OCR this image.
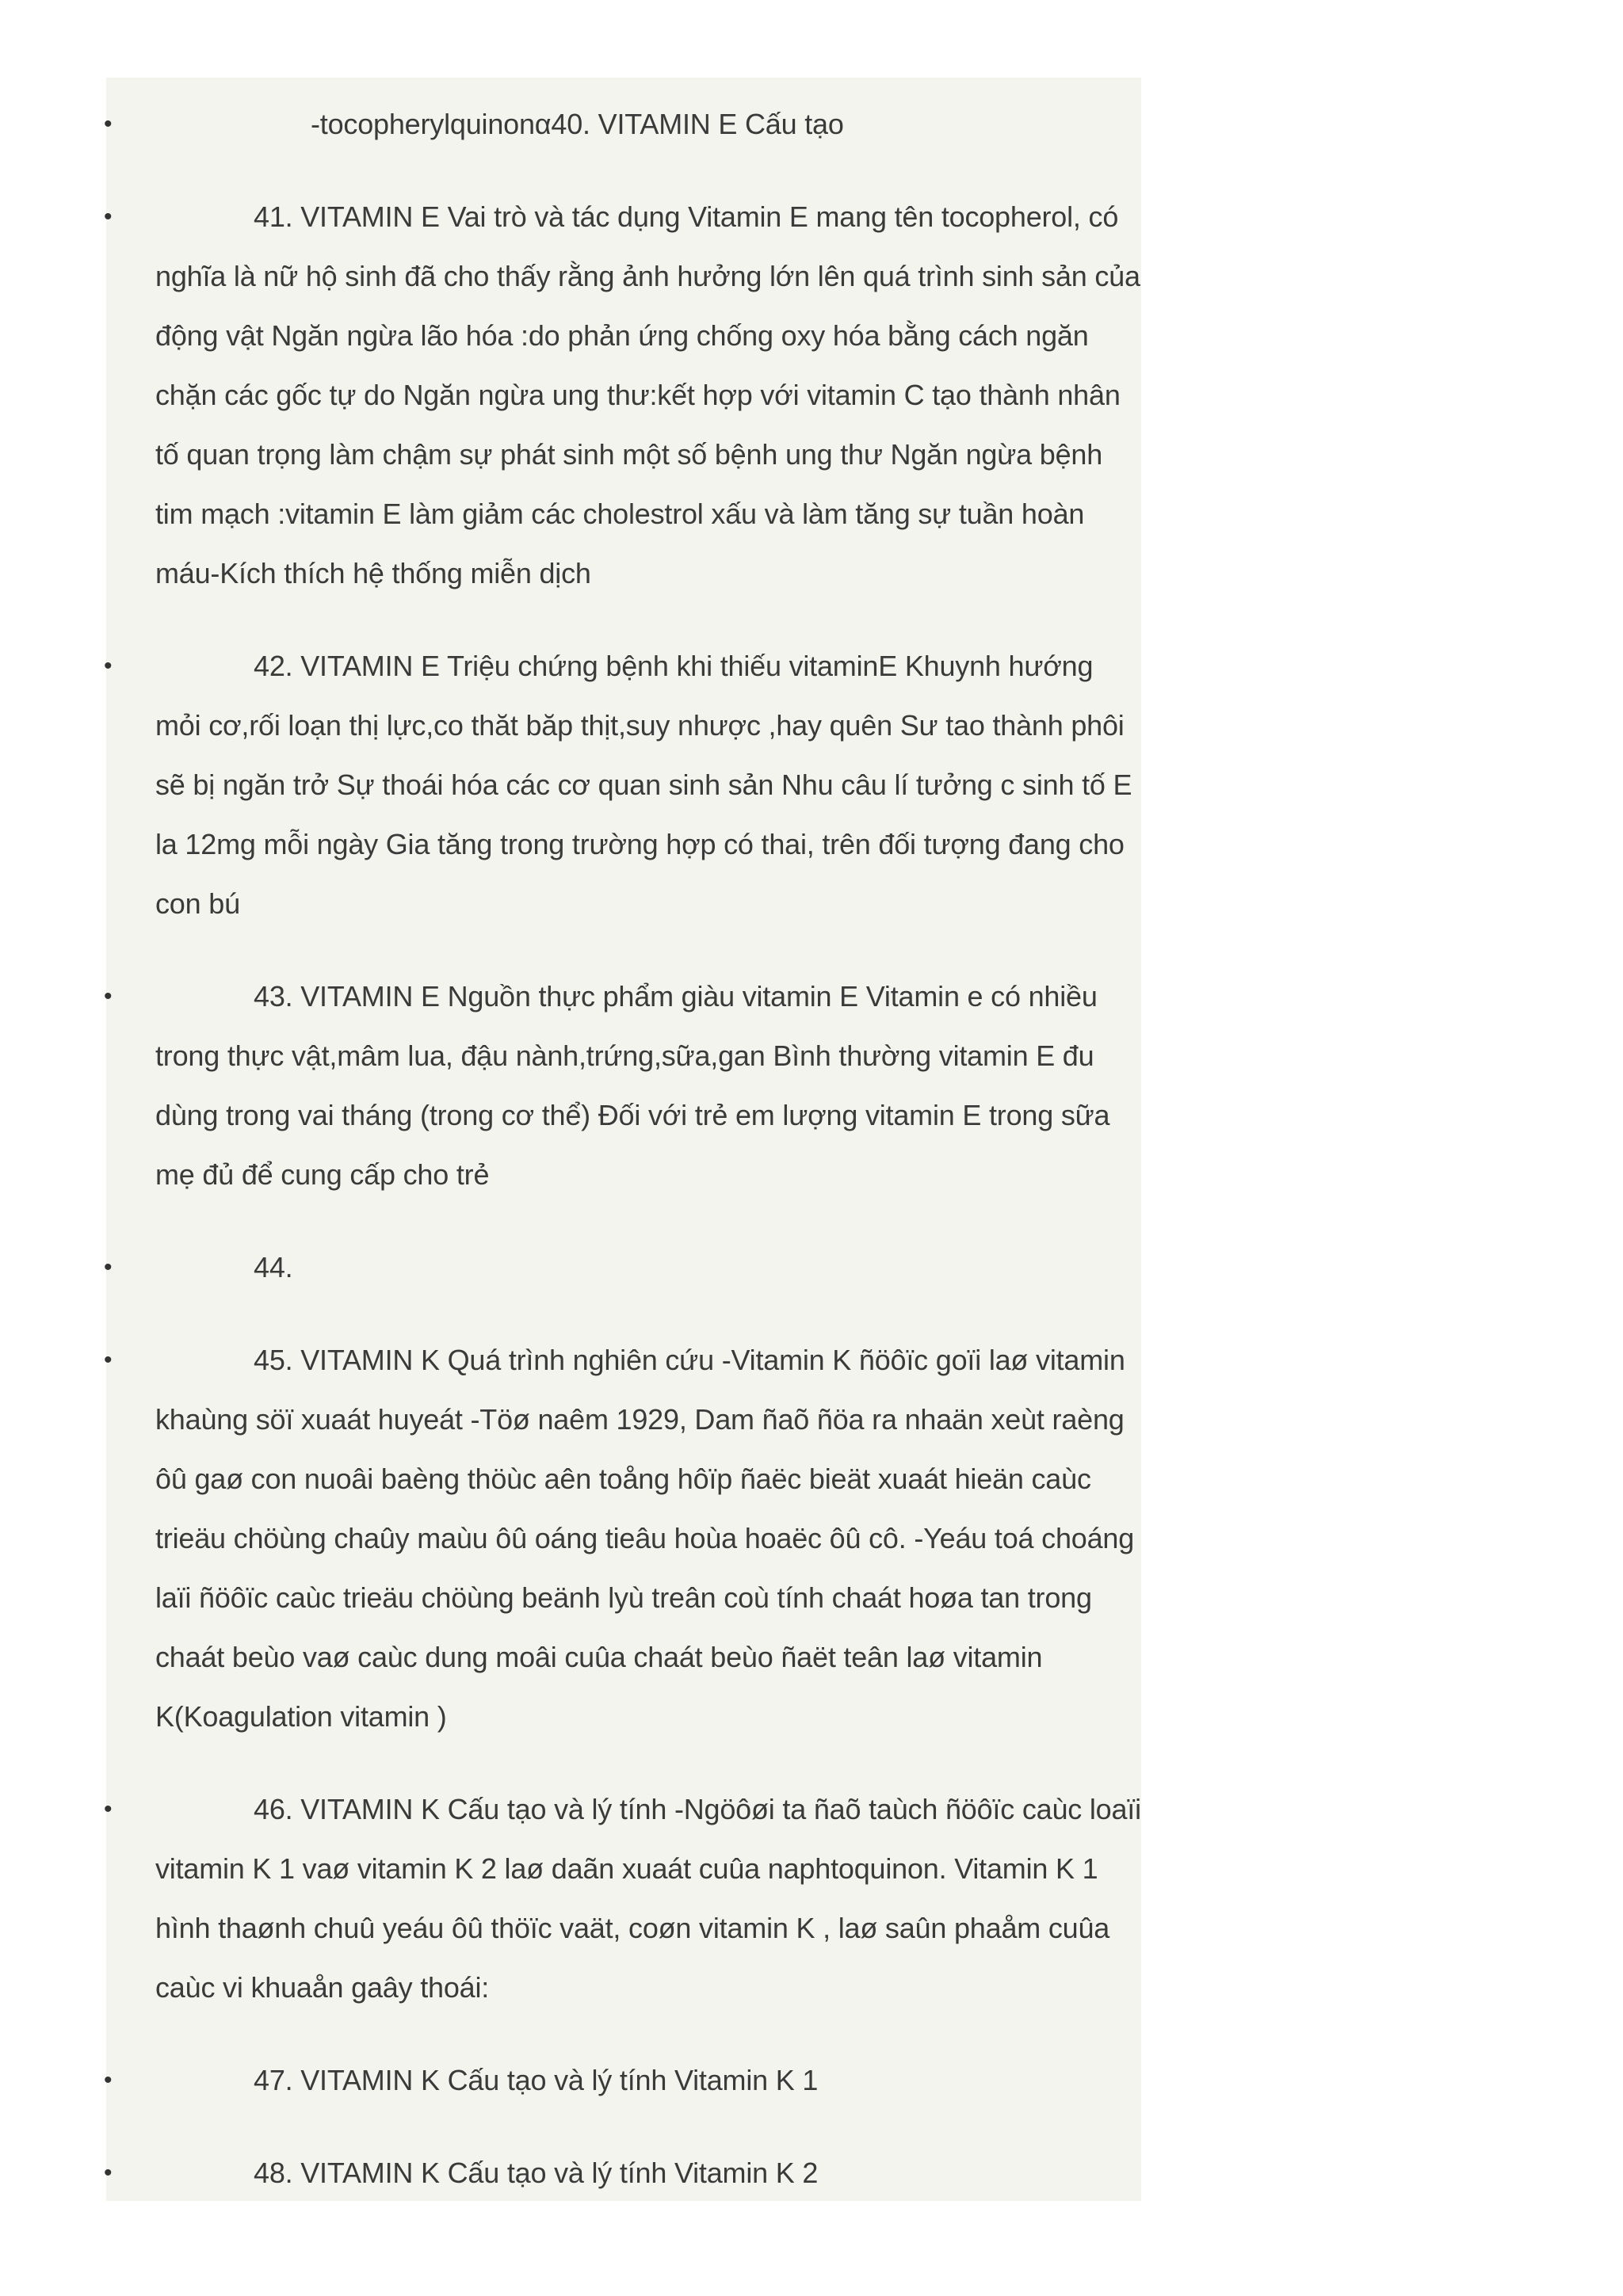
•	-tocopherylquinonα40. VITAMIN E Cấu tạo
•	41. VITAMIN E Vai trò và tác dụng Vitamin E mang tên tocopherol, có nghĩa là nữ hộ sinh đã cho thấy rằng ảnh hưởng lớn lên quá trình sinh sản của động vật Ngăn ngừa lão hóa :do phản ứng chống oxy hóa bằng cách ngăn chặn các gốc tự do Ngăn ngừa ung thư:kết hợp với vitamin C tạo thành nhân tố quan trọng làm chậm sự phát sinh một số bệnh ung thư Ngăn ngừa bệnh tim mạch :vitamin E làm giảm các cholestrol xấu và làm tăng sự tuần hoàn máu-Kích thích hệ thống miễn dịch
•	42. VITAMIN E Triệu chứng bệnh khi thiếu vitaminE Khuynh hướng mỏi cơ,rối loạn thị lực,co thăt băp thịt,suy nhược ,hay quên Sư tao thành phôi sẽ bị ngăn trở Sự thoái hóa các cơ quan sinh sản Nhu câu lí tưởng c sinh tố E la 12mg mỗi ngày Gia tăng trong trường hợp có thai, trên đối tượng đang cho con bú
•	43. VITAMIN E Nguồn thực phẩm giàu vitamin E Vitamin e có nhiều trong thực vật,mâm lua, đậu nành,trứng,sữa,gan Bình thường vitamin E đu dùng trong vai tháng (trong cơ thể) Đối với trẻ em lượng vitamin E trong sữa mẹ đủ để cung cấp cho trẻ
•	44.
•	45. VITAMIN K Quá trình nghiên cứu -Vitamin K ñöôïc goïi laø vitamin khaùng söï xuaát huyeát -Töø naêm 1929, Dam ñaõ ñöa ra nhaän xeùt raèng ôû gaø con nuoâi baèng thöùc aên toång hôïp ñaëc bieät xuaát hieän caùc trieäu chöùng chaûy maùu ôû oáng tieâu hoùa hoaëc ôû cô. -Yeáu toá choáng laïi ñöôïc caùc trieäu chöùng beänh lyù treân coù tính chaát hoøa tan trong chaát beùo vaø caùc dung moâi cuûa chaát beùo ñaët teân laø vitamin K(Koagulation vitamin )
•	46. VITAMIN K Cấu tạo và lý tính -Ngöôøi ta ñaõ taùch ñöôïc caùc loaïi vitamin K 1 vaø vitamin K 2 laø daãn xuaát cuûa naphtoquinon. Vitamin K 1 hình thaønh chuû yeáu ôû thöïc vaät, coøn vitamin K , laø saûn phaåm cuûa caùc vi khuaån gaây thoái:
•	47. VITAMIN K Cấu tạo và lý tính Vitamin K 1
•	48. VITAMIN K Cấu tạo và lý tính Vitamin K 2
